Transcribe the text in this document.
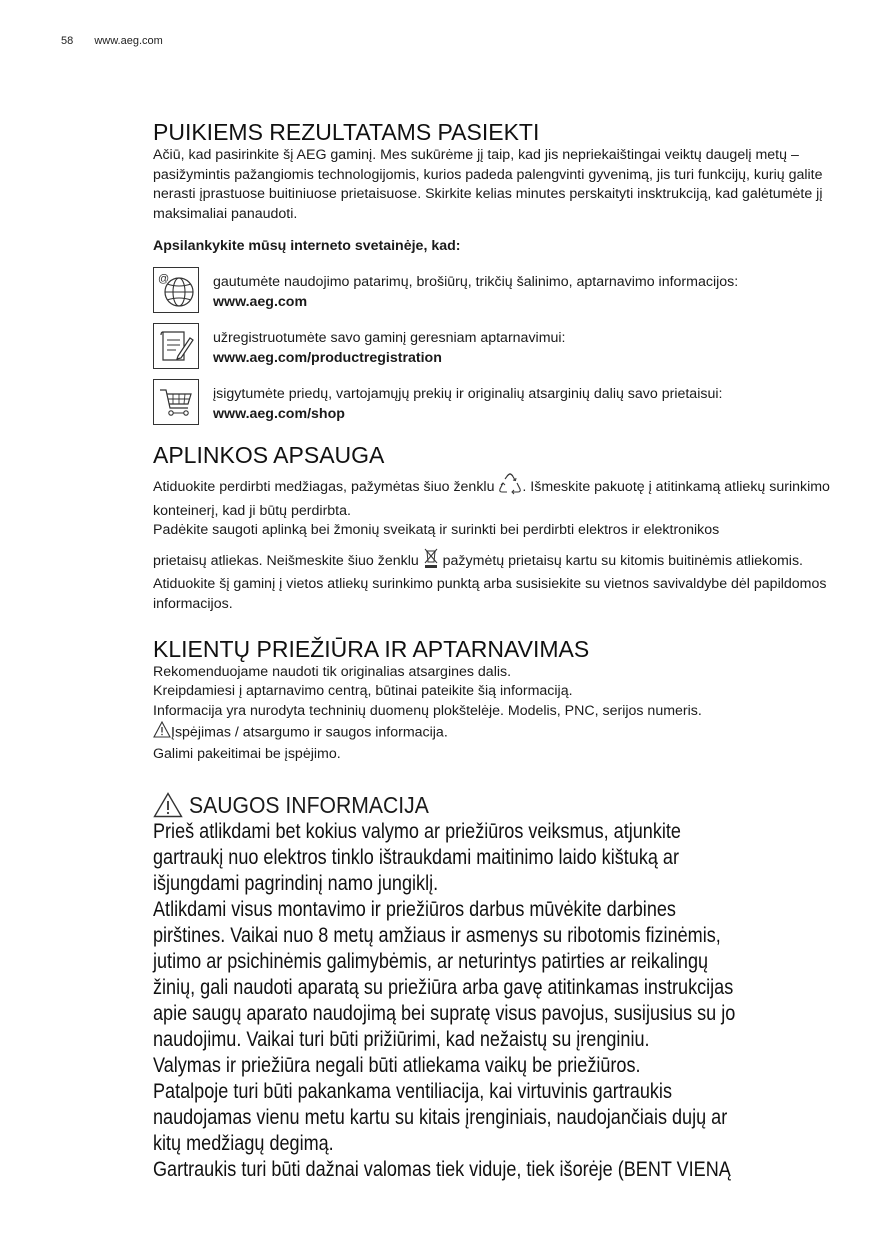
58 www.aeg.com
PUIKIEMS REZULTATAMS PASIEKTI

Ačiū, kad pasirinkite šį AEG gaminį. Mes sukūrėme jį taip, kad jis nepriekaištingai veiktų daugelį metų – pasižymintis pažangiomis technologijomis, kurios padeda palengvinti gyvenimą, jis turi funkcijų, kurių galite nerasti įprastuose buitiniuose prietaisuose. Skirkite kelias minutes perskaityti insktrukciją, kad galėtumėte jį maksimaliai panaudoti.

Apsilankykite mūsų interneto svetainėje, kad:

@	gautumėte naudojimo patarimų, brošiūrų, trikčių šalinimo, aptarnavimo informacijos:

www.aeg.com

užregistruotumėte savo gaminį geresniam aptarnavimui:

www.aeg.com/productregistration

įsigytumėte priedų, vartojamųjų prekių ir originalių atsarginių dalių savo prietaisui:

www.aeg.com/shop

APLINKOS APSAUGA

Atiduokite perdirbti medžiagas, pažymėtas šiuo ženklu . Išmeskite pakuotę į atitinkamą atliekų surinkimo konteinerį, kad ji būtų perdirbta.

Padėkite saugoti aplinką bei žmonių sveikatą ir surinkti bei perdirbti elektros ir elektronikos

prietaisų atliekas. Neišmeskite šiuo ženklu pažymėtų prietaisų kartu su kitomis buitinėmis atliekomis. Atiduokite šį gaminį į vietos atliekų surinkimo punktą arba susisiekite su vietnos savivaldybe dėl papildomos informacijos.

KLIENTŲ PRIEŽIŪRA IR APTARNAVIMAS

Rekomenduojame naudoti tik originalias atsargines dalis.

Kreipdamiesi į aptarnavimo centrą, būtinai pateikite šią informaciją.

Informacija yra nurodyta techninių duomenų plokštelėje. Modelis, PNC, serijos numeris.

Įspėjimas / atsargumo ir saugos informacija.

Galimi pakeitimai be įspėjimo.

SAUGOS INFORMACIJA

Prieš atlikdami bet kokius valymo ar priežiūros veiksmus, atjunkite

gartraukį nuo elektros tinklo ištraukdami maitinimo laido kištuką ar

išjungdami pagrindinį namo jungiklį.

Atlikdami visus montavimo ir priežiūros darbus mūvėkite darbines

pirštines. Vaikai nuo 8 metų amžiaus ir asmenys su ribotomis fizinėmis,

jutimo ar psichinėmis galimybėmis, ar neturintys patirties ar reikalingų

žinių, gali naudoti aparatą su priežiūra arba gavę atitinkamas instrukcijas

apie saugų aparato naudojimą bei supratę visus pavojus, susijusius su jo

naudojimu. Vaikai turi būti prižiūrimi, kad nežaistų su įrenginiu.

Valymas ir priežiūra negali būti atliekama vaikų be priežiūros.

Patalpoje turi būti pakankama ventiliacija, kai virtuvinis gartraukis

naudojamas vienu metu kartu su kitais įrenginiais, naudojančiais dujų ar

kitų medžiagų degimą.

Gartraukis turi būti dažnai valomas tiek viduje, tiek išorėje (BENT VIENĄ
